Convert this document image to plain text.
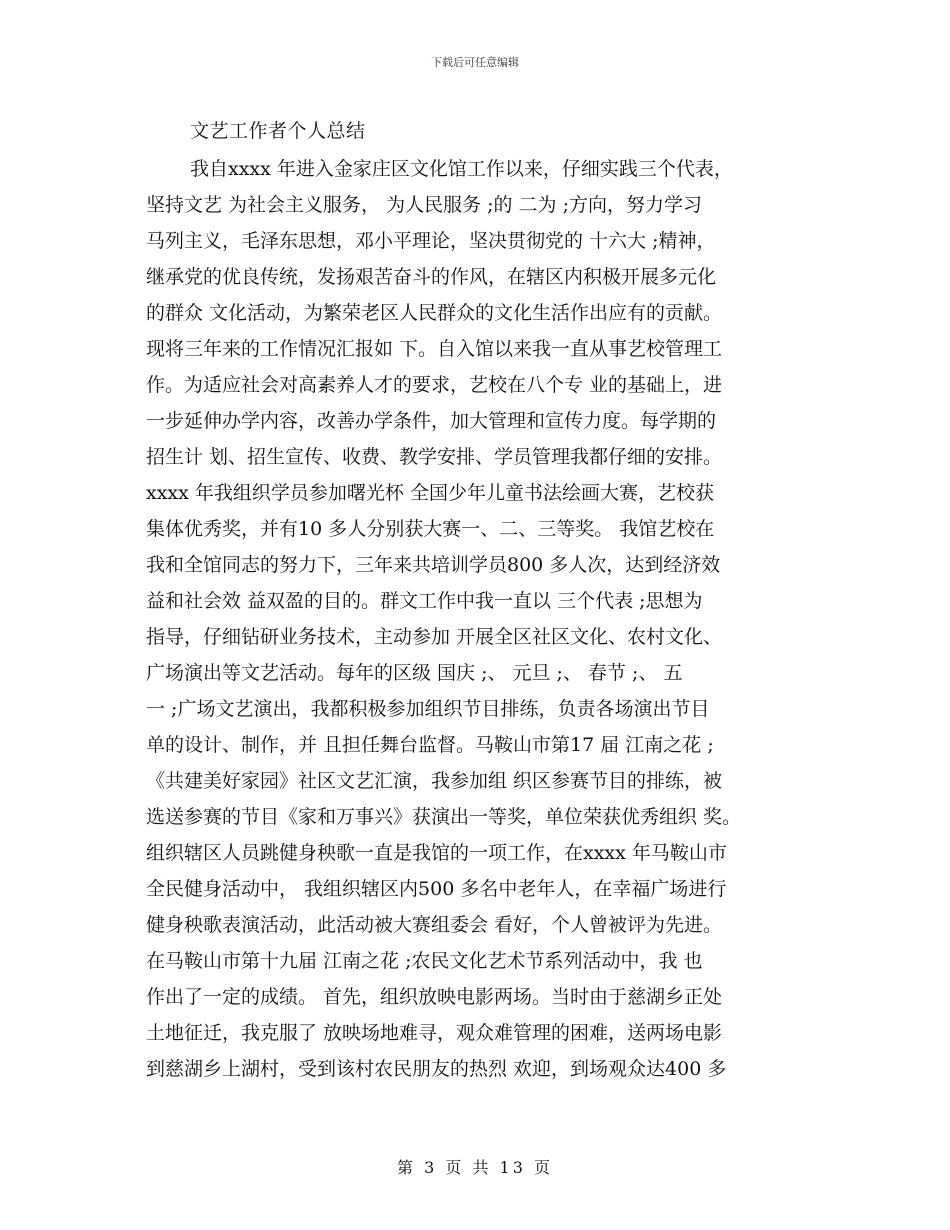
下载后可任意编辑
文艺工作者个人总结
我自xxxx 年进入金家庄区文化馆工作以来，仔细实践三个代表，
坚持文艺 为社会主义服务， 为人民服务 ;的 二为 ;方向，努力学习
马列主义，毛泽东思想，邓小平理论，坚决贯彻党的 十六大 ;精神，
继承党的优良传统，发扬艰苦奋斗的作风，在辖区内积极开展多元化
的群众 文化活动，为繁荣老区人民群众的文化生活作出应有的贡献。
现将三年来的工作情况汇报如 下。自入馆以来我一直从事艺校管理工
作。为适应社会对高素养人才的要求，艺校在八个专 业的基础上，进
一步延伸办学内容，改善办学条件，加大管理和宣传力度。每学期的
招生计 划、招生宣传、收费、教学安排、学员管理我都仔细的安排。
xxxx 年我组织学员参加曙光杯 全国少年儿童书法绘画大赛，艺校获
集体优秀奖，并有10 多人分别获大赛一、二、三等奖。 我馆艺校在
我和全馆同志的努力下，三年来共培训学员800 多人次，达到经济效
益和社会效 益双盈的目的。群文工作中我一直以 三个代表 ;思想为
指导，仔细钻研业务技术，主动参加 开展全区社区文化、农村文化、
广场演出等文艺活动。每年的区级 国庆 ;、 元旦 ;、 春节 ;、 五
一 ;广场文艺演出，我都积极参加组织节目排练，负责各场演出节目
单的设计、制作，并 且担任舞台监督。马鞍山市第17 届 江南之花 ;
《共建美好家园》社区文艺汇演，我参加组 织区参赛节目的排练，被
选送参赛的节目《家和万事兴》获演出一等奖，单位荣获优秀组织 奖。
组织辖区人员跳健身秧歌一直是我馆的一项工作，在xxxx 年马鞍山市
全民健身活动中， 我组织辖区内500 多名中老年人，在幸福广场进行
健身秧歌表演活动，此活动被大赛组委会 看好，个人曾被评为先进。
在马鞍山市第十九届 江南之花 ;农民文化艺术节系列活动中，我 也
作出了一定的成绩。 首先，组织放映电影两场。当时由于慈湖乡正处
土地征迁，我克服了 放映场地难寻，观众难管理的困难，送两场电影
到慈湖乡上湖村，受到该村农民朋友的热烈 欢迎，到场观众达400 多
第 3 页 共 13 页
